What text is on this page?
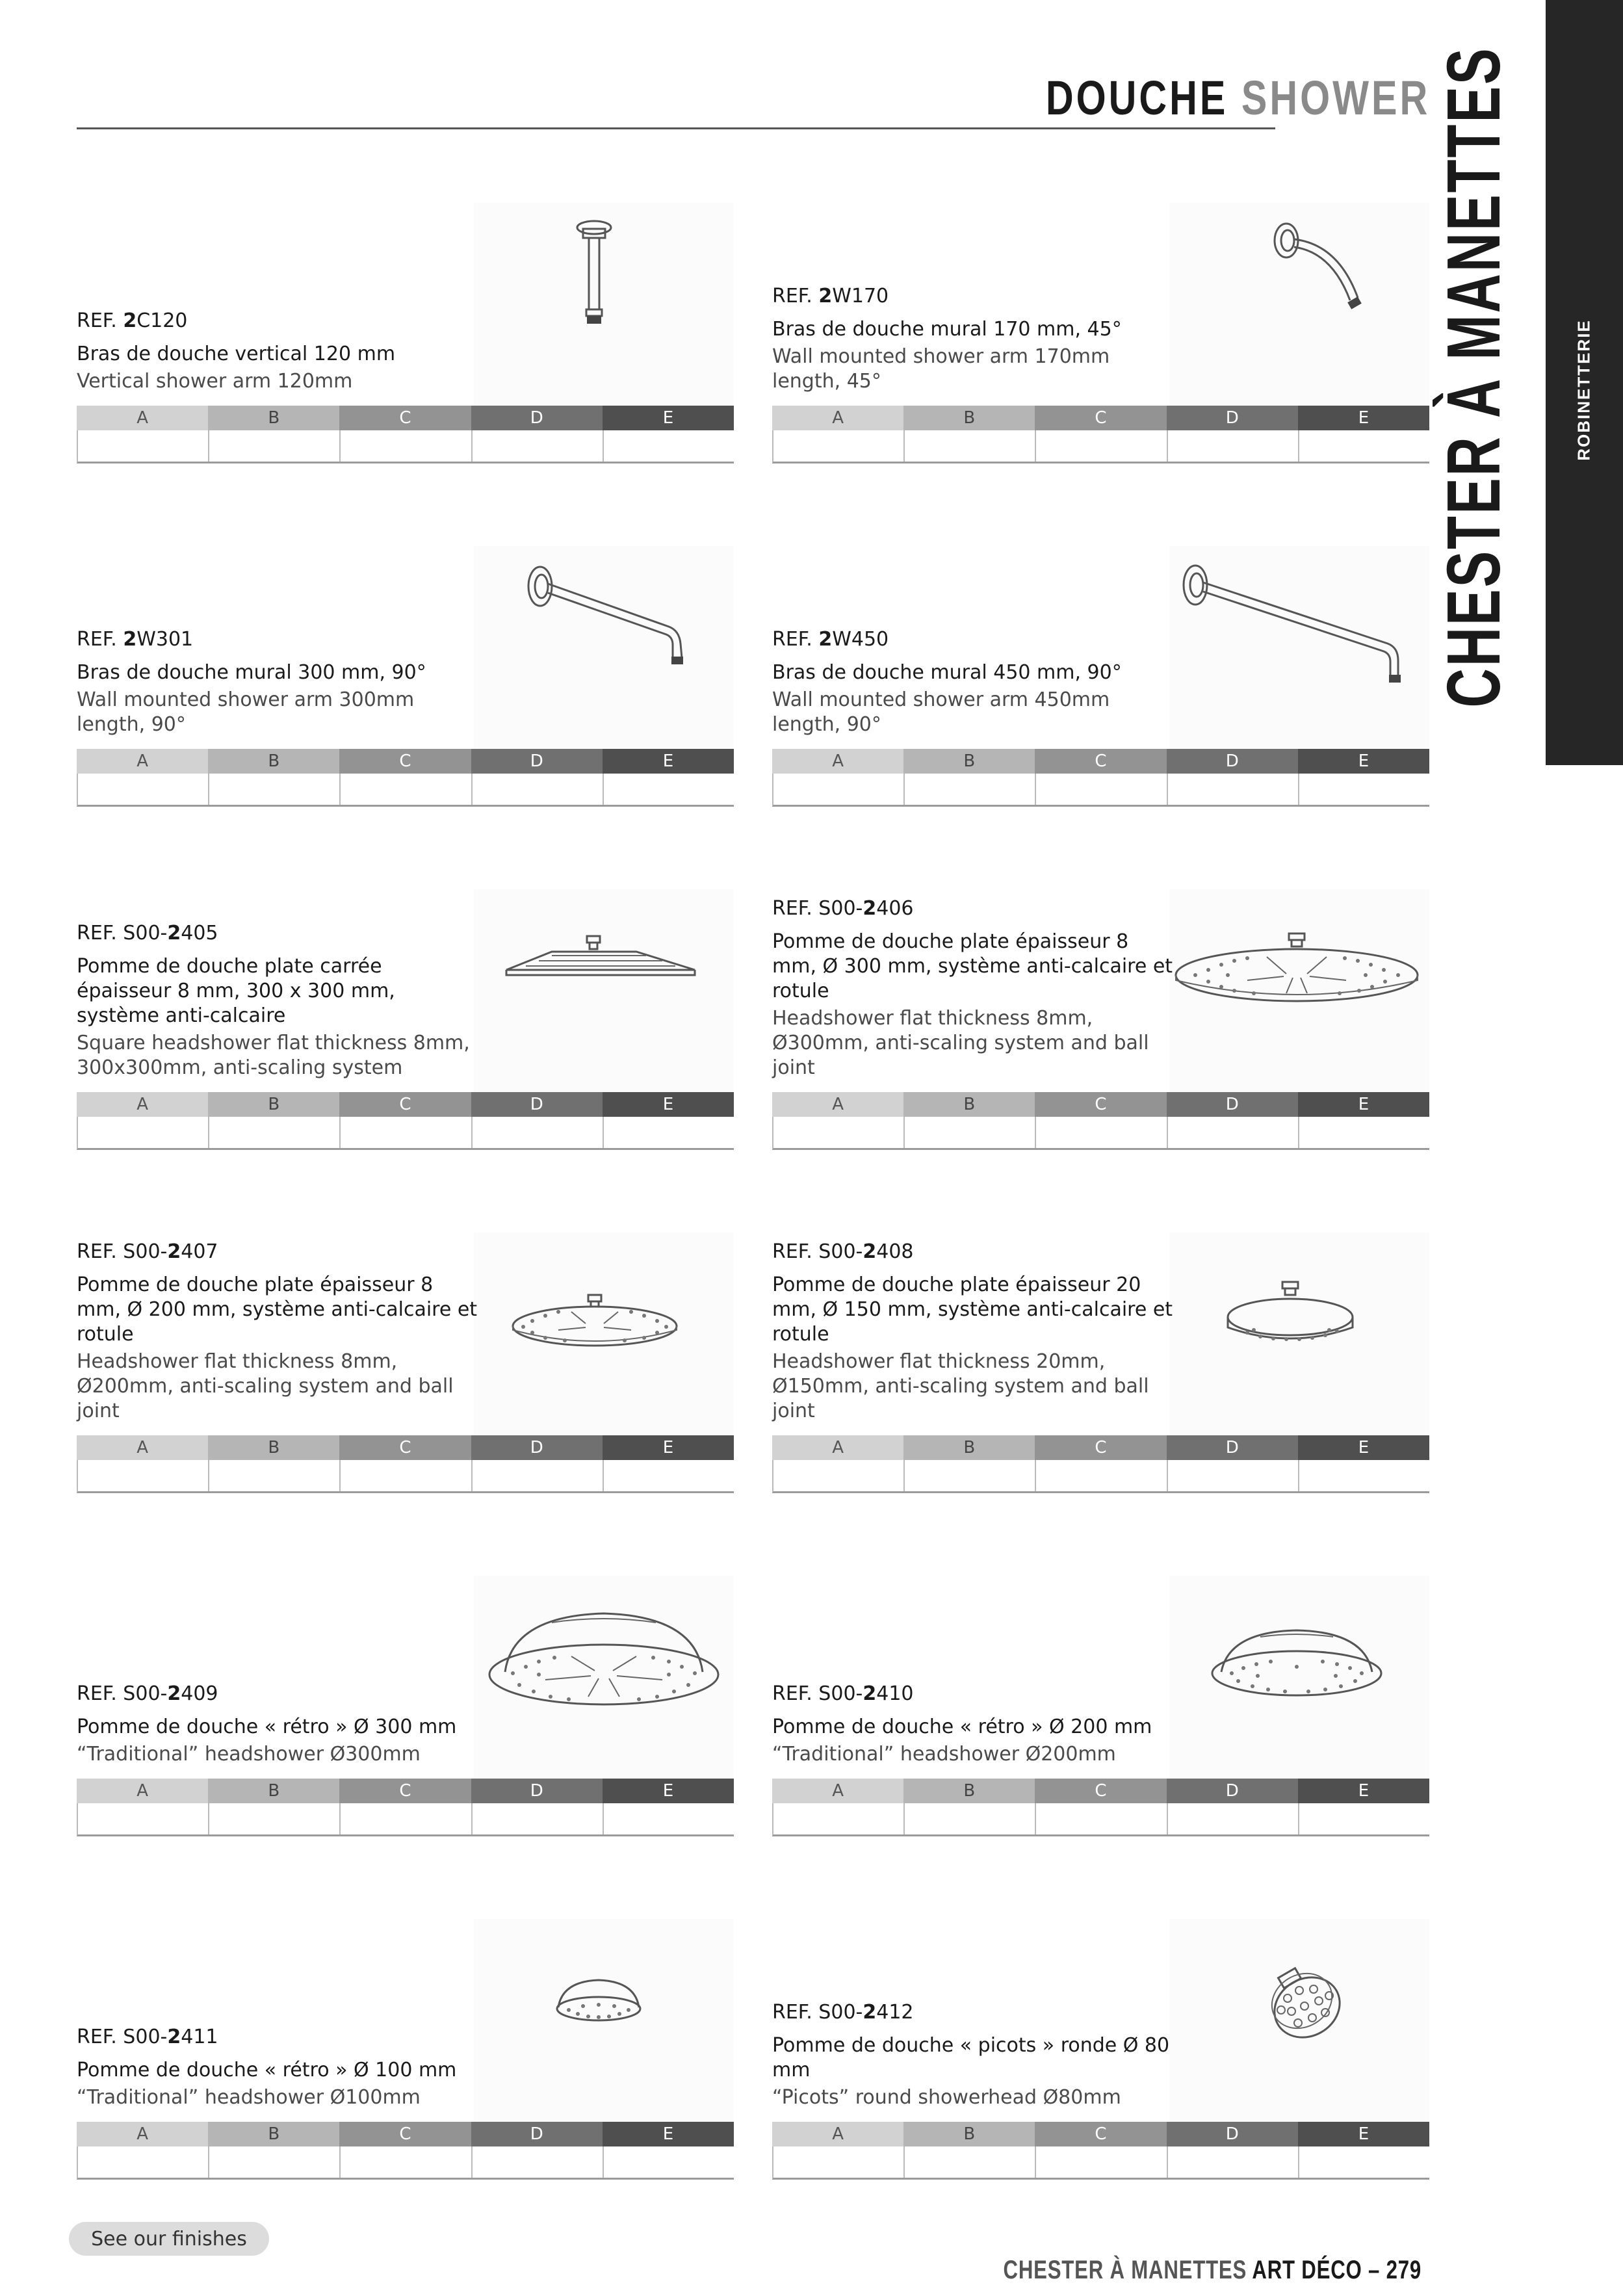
DOUCHE SHOWER
ROBINETTERIE
CHESTER À MANETTES
REF. 2C120
Bras de douche vertical 120 mm
Vertical shower arm 120mm
A	B	C	D	E
REF. 2W170
Bras de douche mural 170 mm, 45°
Wall mounted shower arm 170mm length, 45°
A	B	C	D	E
REF. 2W301
Bras de douche mural 300 mm, 90°
Wall mounted shower arm 300mm length, 90°
A	B	C	D	E
REF. 2W450
Bras de douche mural 450 mm, 90°
Wall mounted shower arm 450mm length, 90°
A	B	C	D	E
REF. S00-2405
Pomme de douche plate carrée épaisseur 8 mm, 300 x 300 mm, système anti-calcaire
Square headshower flat thickness 8mm, 300x300mm, anti-scaling system
A	B	C	D	E
REF. S00-2406
Pomme de douche plate épaisseur 8 mm, Ø 300 mm, système anti-calcaire et rotule
Headshower flat thickness 8mm, Ø300mm, anti-scaling system and ball joint
A	B	C	D	E
REF. S00-2407
Pomme de douche plate épaisseur 8 mm, Ø 200 mm, système anti-calcaire et rotule
Headshower flat thickness 8mm, Ø200mm, anti-scaling system and ball joint
A	B	C	D	E
REF. S00-2408
Pomme de douche plate épaisseur 20 mm, Ø 150 mm, système anti-calcaire et rotule
Headshower flat thickness 20mm, Ø150mm, anti-scaling system and ball joint
A	B	C	D	E
REF. S00-2409
Pomme de douche « rétro » Ø 300 mm
“Traditional” headshower Ø300mm
A	B	C	D	E
REF. S00-2410
Pomme de douche « rétro » Ø 200 mm
“Traditional” headshower Ø200mm
A	B	C	D	E
REF. S00-2411
Pomme de douche « rétro » Ø 100 mm
“Traditional” headshower Ø100mm
A	B	C	D	E
REF. S00-2412
Pomme de douche « picots » ronde Ø 80 mm
“Picots” round showerhead Ø80mm
A	B	C	D	E
See our finishes
CHESTER À MANETTES ART DÉCO – 279
